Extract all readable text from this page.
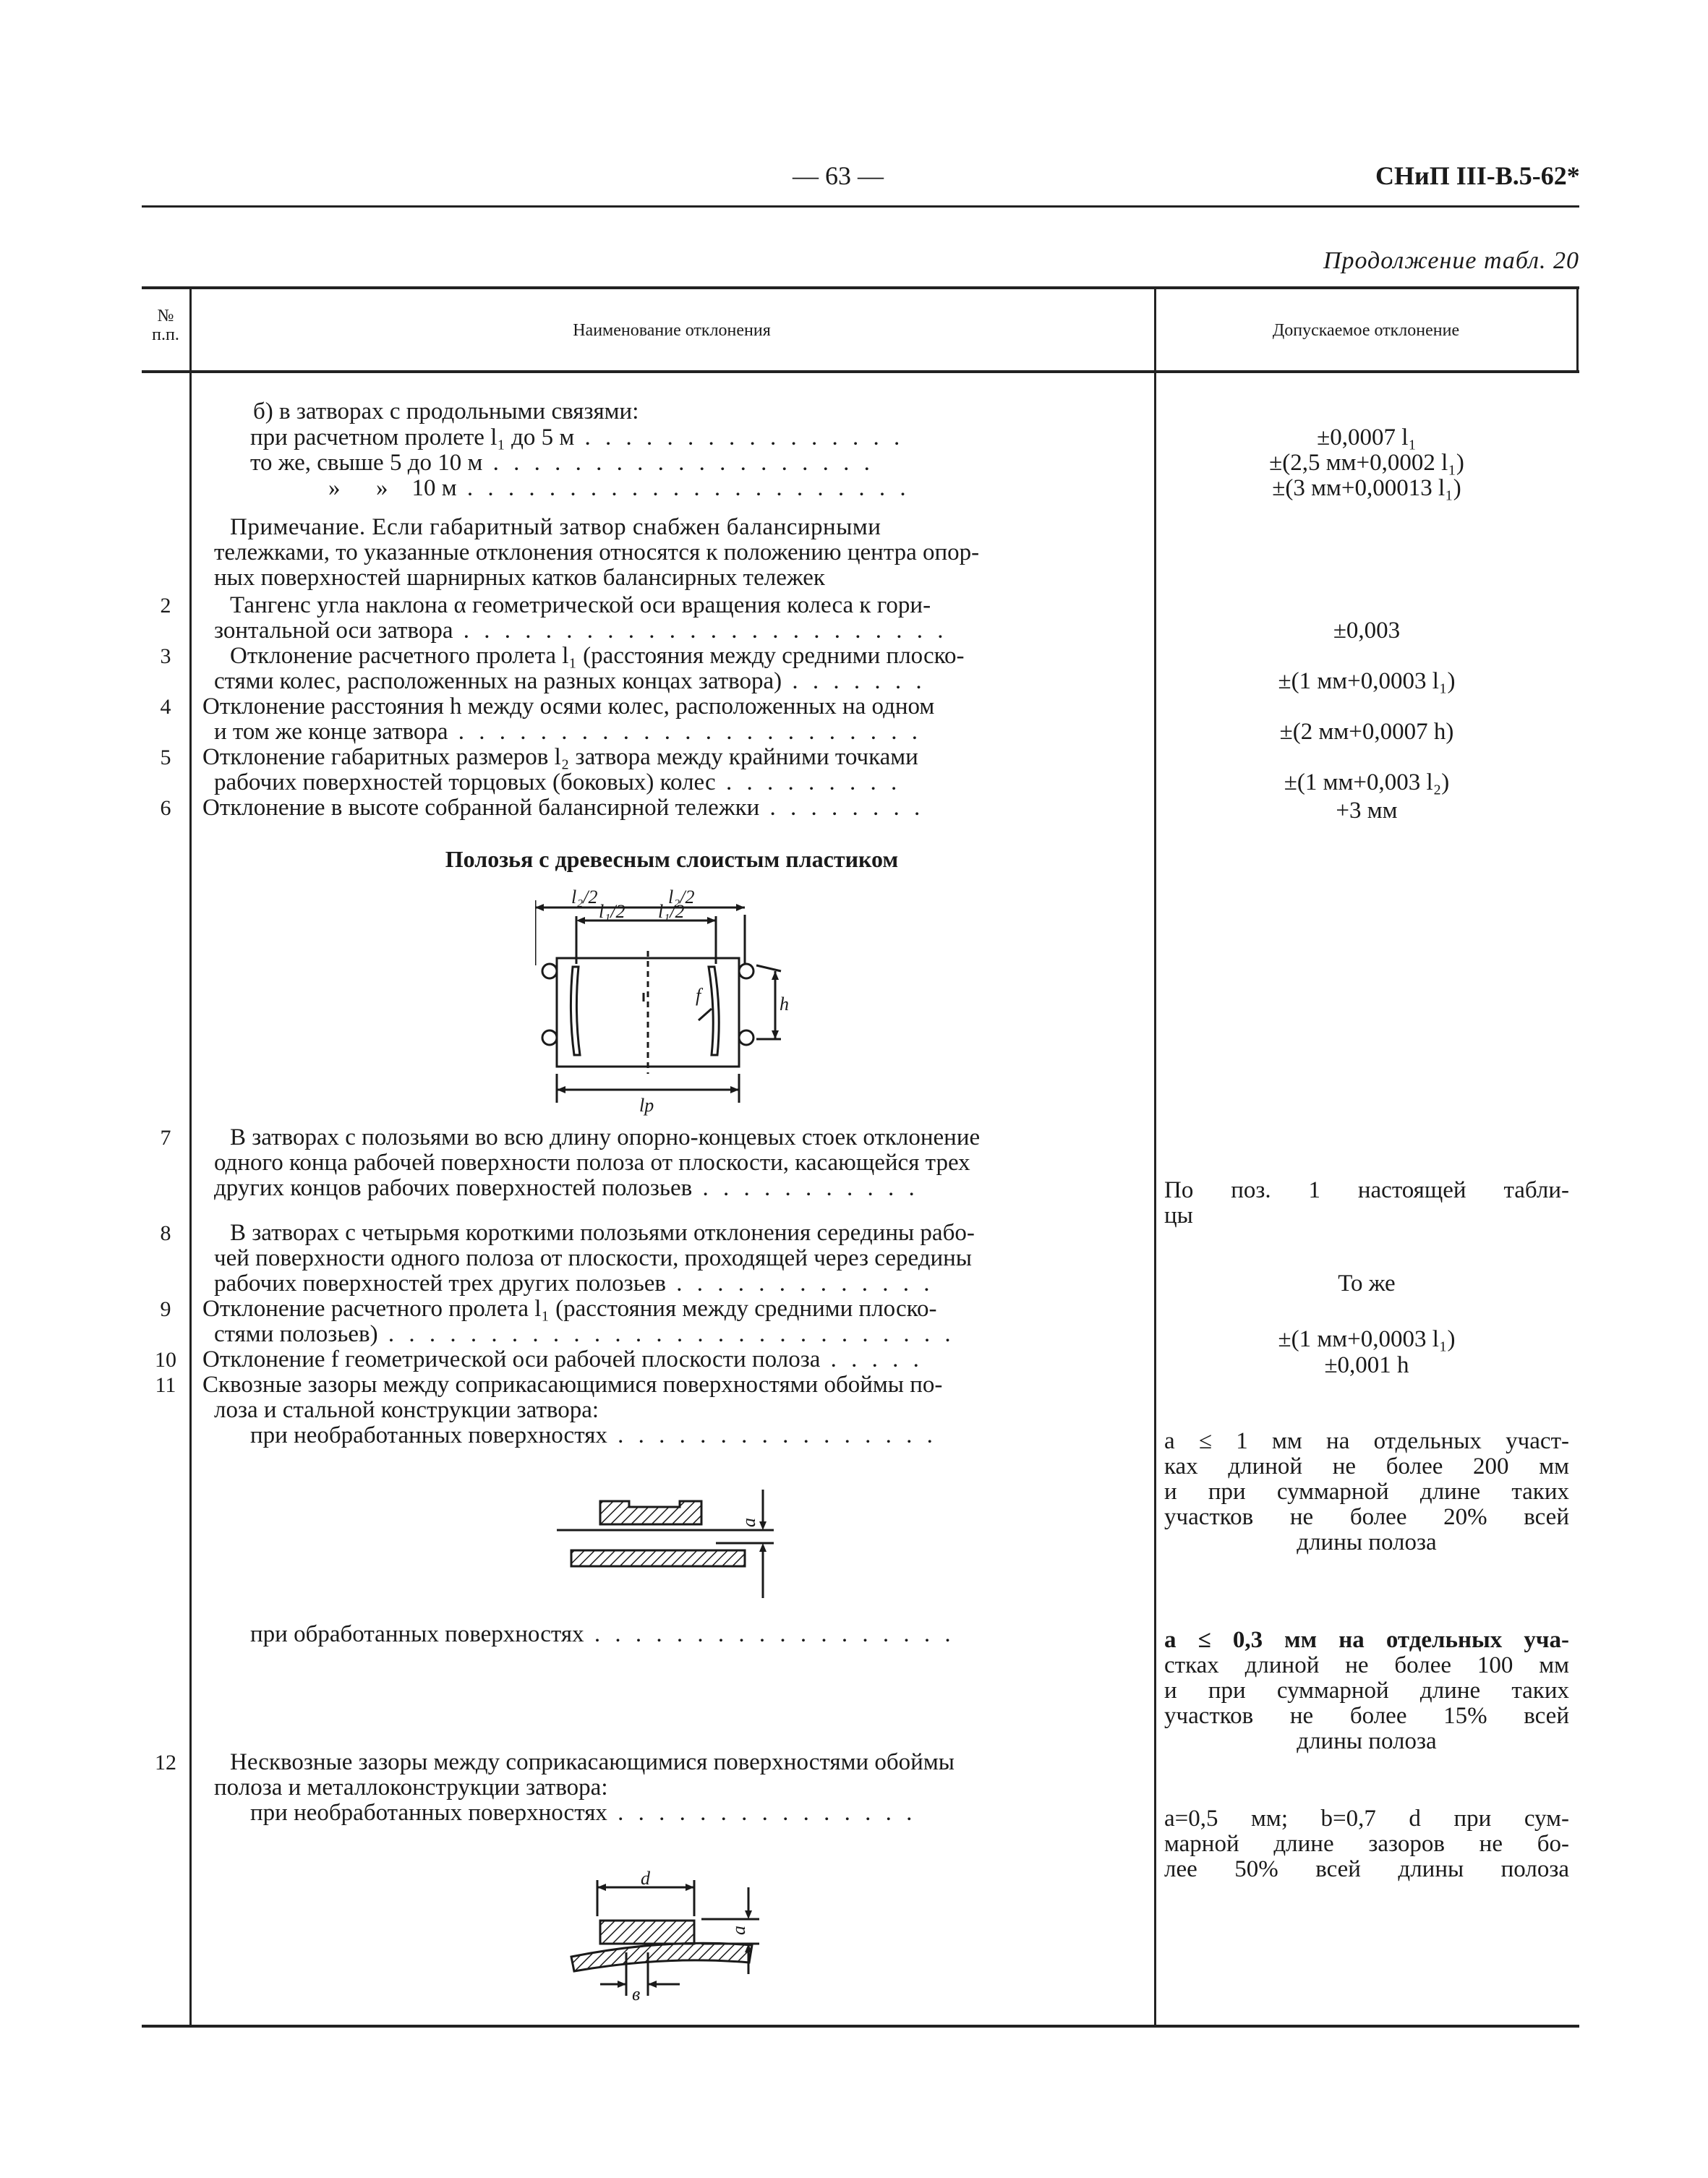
— 63 —	СНиП III-В.5-62*
Продолжение табл. 20
№ п.п.	Наименование отклонения	Допускаемое отклонение
б) в затворах с продольными связями:
при расчетном пролете l₁ до 5 м . . . . . . . . . . . . . . . .	±0,0007 l₁
то же, свыше 5 до 10 м . . . . . . . . . . . . . . . . . . .	±(2,5 мм+0,0002 l₁)
»      »    10 м . . . . . . . . . . . . . . . . . . . . . .	±(3 мм+0,00013 l₁)
Примечание. Если габаритный затвор снабжен балансирными
тележками, то указанные отклонения относятся к положению центра опор-
ных поверхностей шарнирных катков балансирных тележек
2	Тангенс угла наклона α геометрической оси вращения колеса к гори-
зонтальной оси затвора . . . . . . . . . . . . . . . . . . . . . . . .	±0,003
3	Отклонение расчетного пролета l₁ (расстояния между средними плоско-
стями колес, расположенных на разных концах затвора) . . . . . . .	±(1 мм+0,0003 l₁)
4	Отклонение расстояния h между осями колес, расположенных на одном
и том же конце затвора . . . . . . . . . . . . . . . . . . . . . . .	±(2 мм+0,0007 h)
5	Отклонение габаритных размеров l₂ затвора между крайними точками
рабочих поверхностей торцовых (боковых) колес . . . . . . . . .	±(1 мм+0,003 l₂)
6	Отклонение в высоте собранной балансирной тележки . . . . . . . .	+3 мм
Полозья с древесным слоистым пластиком
l₂/2	l₂/2
l₁/2 l₁/2
f	h
lр
7	В затворах с полозьями во всю длину опорно-концевых стоек отклонение
одного конца рабочей поверхности полоза от плоскости, касающейся трех
других концов рабочих поверхностей полозьев . . . . . . . . . . .	По поз. 1 настоящей табли-
цы
8	В затворах с четырьмя короткими полозьями отклонения середины рабо-
чей поверхности одного полоза от плоскости, проходящей через середины
рабочих поверхностей трех других полозьев . . . . . . . . . . . . .	То же
9	Отклонение расчетного пролета l₁ (расстояния между средними плоско-
стями полозьев) . . . . . . . . . . . . . . . . . . . . . . . . . . . .	±(1 мм+0,0003 l₁)
10	Отклонение f геометрической оси рабочей плоскости полоза . . . . .	±0,001 h
11	Сквозные зазоры между соприкасающимися поверхностями обоймы по-
лоза и стальной конструкции затвора:
при необработанных поверхностях . . . . . . . . . . . . . . . .	a ≤ 1 мм на отдельных участ-
ках длиной не более 200 мм
и при суммарной длине таких
участков не более 20% всей
длины полоза
a
при обработанных поверхностях . . . . . . . . . . . . . . . . . .	a ≤ 0,3 мм на отдельных уча-
стках длиной не более 100 мм
и при суммарной длине таких
участков не более 15% всей
длины полоза
12	Несквозные зазоры между соприкасающимися поверхностями обоймы
полоза и металлоконструкции затвора:
при необработанных поверхностях . . . . . . . . . . . . . . .	a=0,5 мм; b=0,7 d при сум-
марной длине зазоров не бо-
лее 50% всей длины полоза
d
a
в
